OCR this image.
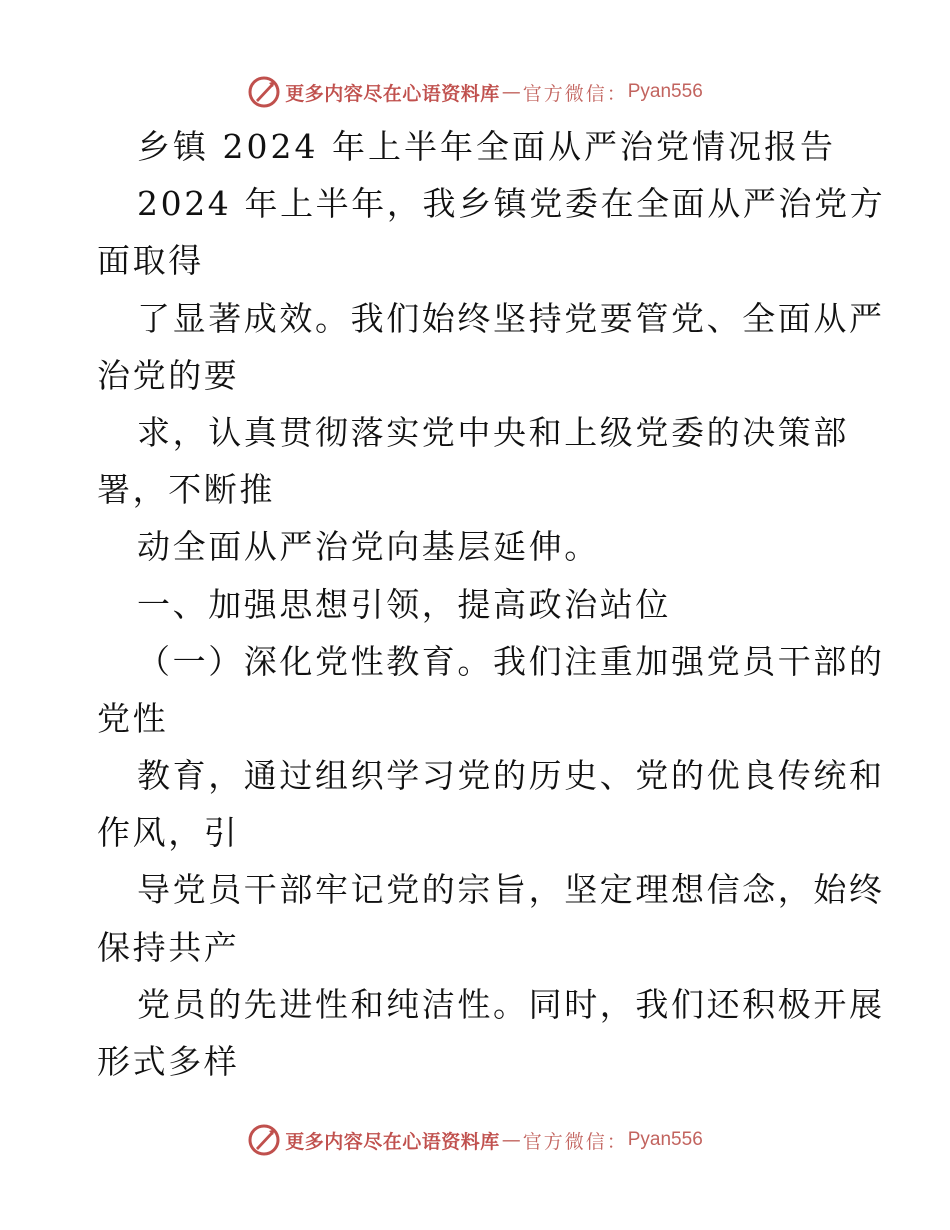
更多内容尽在心语资料库 — 官方微信： Pyan556
乡镇 2024 年上半年全面从严治党情况报告
2024 年上半年，我乡镇党委在全面从严治党方
面取得
了显著成效。我们始终坚持党要管党、全面从严
治党的要
求，认真贯彻落实党中央和上级党委的决策部
署，不断推
动全面从严治党向基层延伸。
一、加强思想引领，提高政治站位
（一）深化党性教育。我们注重加强党员干部的
党性
教育，通过组织学习党的历史、党的优良传统和
作风，引
导党员干部牢记党的宗旨，坚定理想信念，始终
保持共产
党员的先进性和纯洁性。同时，我们还积极开展
形式多样
更多内容尽在心语资料库 — 官方微信： Pyan556
